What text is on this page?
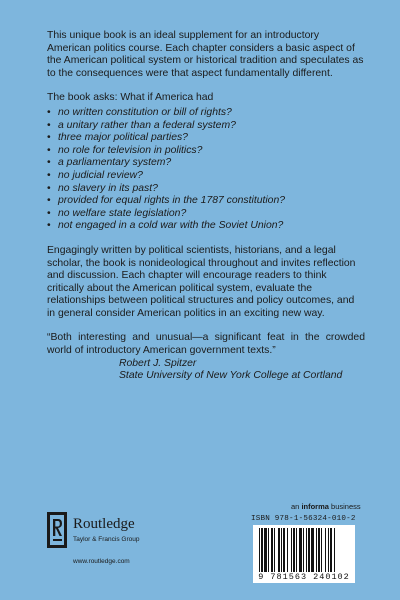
This unique book is an ideal supplement for an introductory American politics course. Each chapter considers a basic aspect of the American political system or historical tradition and speculates as to the consequences were that aspect fundamentally different.

The book asks: What if America had

• no written constitution or bill of rights?
• a unitary rather than a federal system?
• three major political parties?
• no role for television in politics?
• a parliamentary system?
• no judicial review?
• no slavery in its past?
• provided for equal rights in the 1787 constitution?
• no welfare state legislation?
• not engaged in a cold war with the Soviet Union?

Engagingly written by political scientists, historians, and a legal scholar, the book is nonideological throughout and invites reflection and discussion. Each chapter will encourage readers to think critically about the American political system, evaluate the relationships between political structures and policy outcomes, and in general consider American politics in an exciting new way.

“Both interesting and unusual—a significant feat in the crowded world of introductory American government texts.”

Robert J. Spitzer
State University of New York College at Cortland
Routledge
Taylor & Francis Group
www.routledge.com
an informa business
ISBN 978-1-56324-010-2
9 781563 240102
